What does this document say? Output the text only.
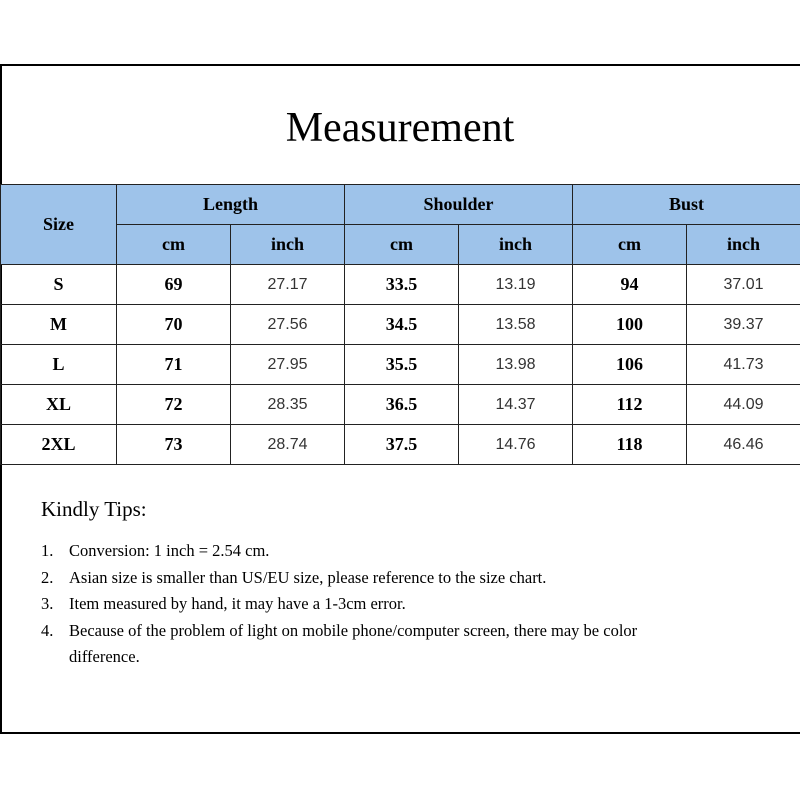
Measurement
Size	Length		Shoulder		Bust	
	cm	inch	cm	inch	cm	inch
S	69	27.17	33.5	13.19	94	37.01
M	70	27.56	34.5	13.58	100	39.37
L	71	27.95	35.5	13.98	106	41.73
XL	72	28.35	36.5	14.37	112	44.09
2XL	73	28.74	37.5	14.76	118	46.46

Kindly Tips:

1. Conversion: 1 inch = 2.54 cm.
2. Asian size is smaller than US/EU size, please reference to the size chart.
3. Item measured by hand, it may have a 1-3cm error.
4. Because of the problem of light on mobile phone/computer screen, there may be color difference.
